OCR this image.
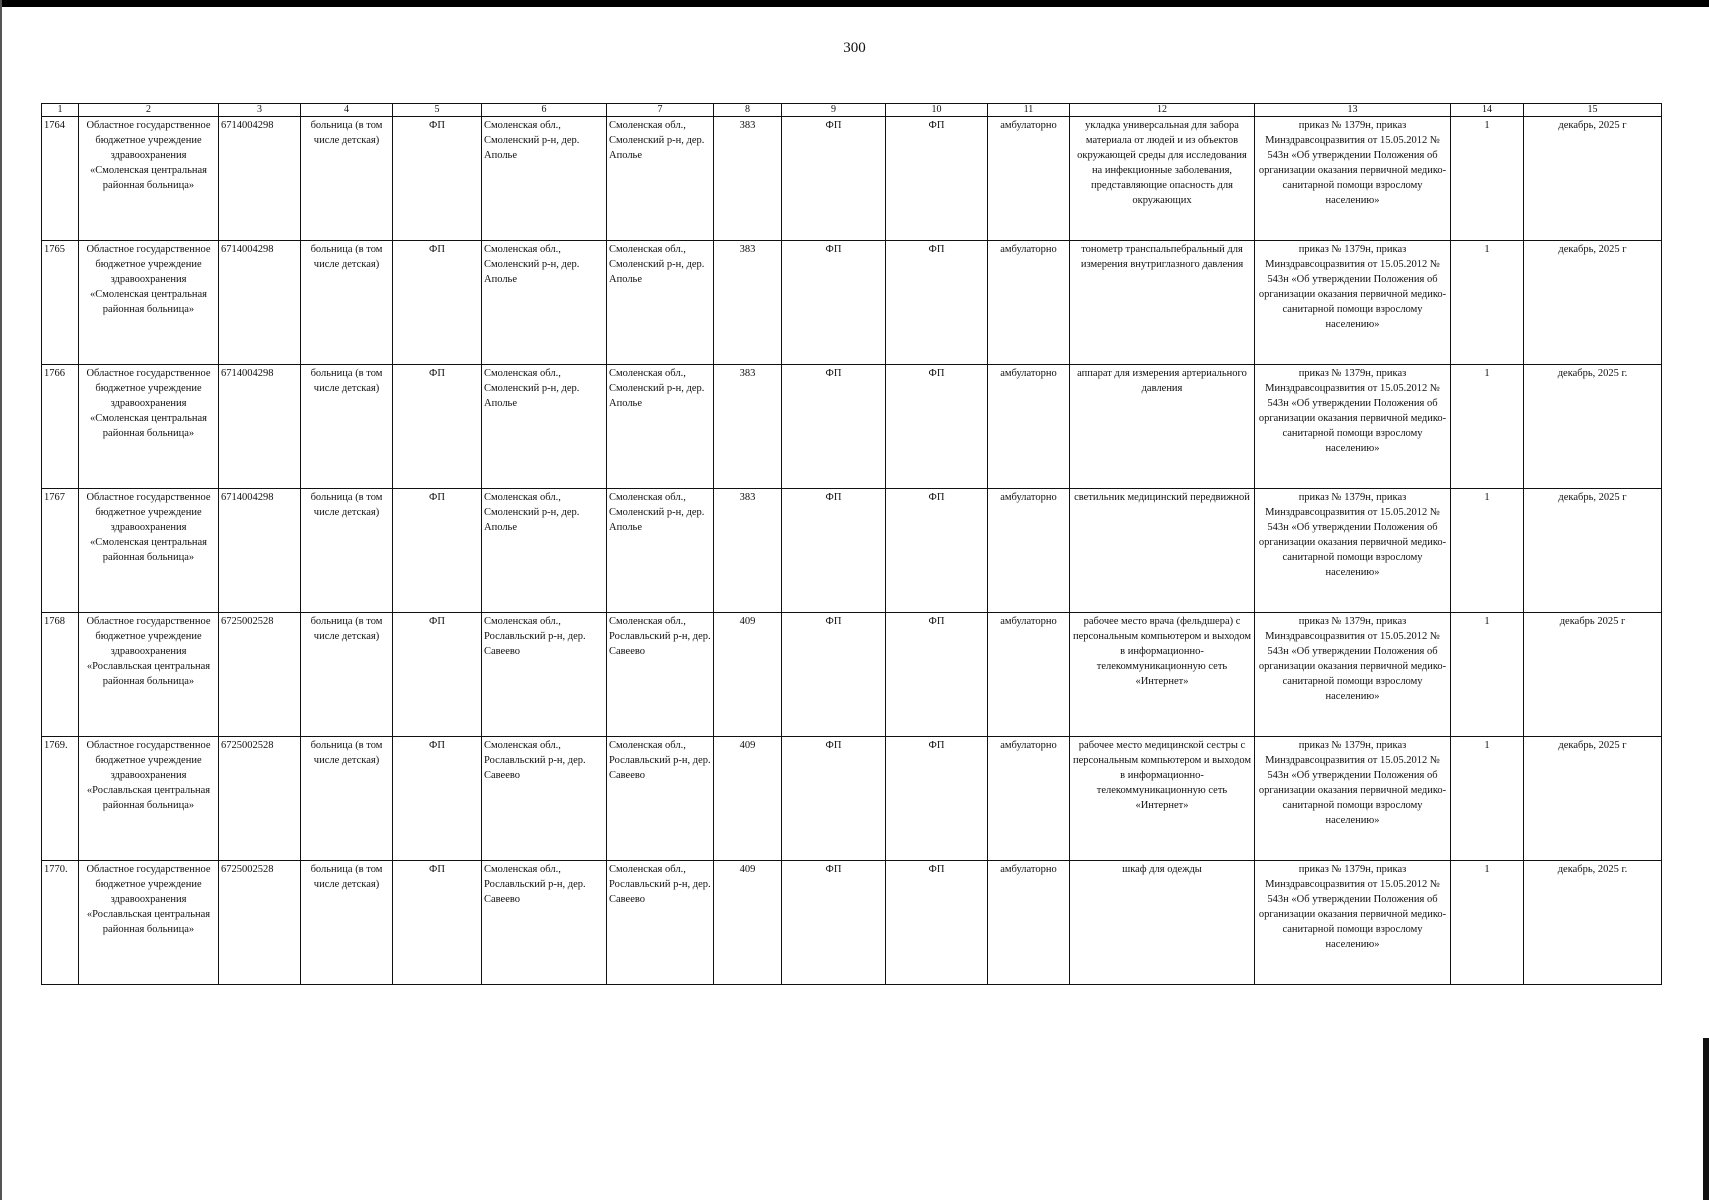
300
1	2	3	4	5	6	7	8	9	10	11	12	13	14	15
1764	Областное государственное бюджетное учреждение здравоохранения «Смоленская центральная районная больница»	6714004298	больница (в том числе детская)	ФП	Смоленская обл., Смоленский р-н, дер. Аполье	Смоленская обл., Смоленский р-н, дер. Аполье	383	ФП	ФП	амбулаторно	укладка универсальная для забора материала от людей и из объектов окружающей среды для исследования на инфекционные заболевания, представляющие опасность для окружающих	приказ № 1379н, приказ Минздравсоцразвития от 15.05.2012 № 543н «Об утверждении Положения об организации оказания первичной медико-санитарной помощи взрослому населению»	1	декабрь, 2025 г
1765	Областное государственное бюджетное учреждение здравоохранения «Смоленская центральная районная больница»	6714004298	больница (в том числе детская)	ФП	Смоленская обл., Смоленский р-н, дер. Аполье	Смоленская обл., Смоленский р-н, дер. Аполье	383	ФП	ФП	амбулаторно	тонометр транспальпебральный для измерения внутриглазного давления	приказ № 1379н, приказ Минздравсоцразвития от 15.05.2012 № 543н «Об утверждении Положения об организации оказания первичной медико-санитарной помощи взрослому населению»	1	декабрь, 2025 г
1766	Областное государственное бюджетное учреждение здравоохранения «Смоленская центральная районная больница»	6714004298	больница (в том числе детская)	ФП	Смоленская обл., Смоленский р-н, дер. Аполье	Смоленская обл., Смоленский р-н, дер. Аполье	383	ФП	ФП	амбулаторно	аппарат для измерения артериального давления	приказ № 1379н, приказ Минздравсоцразвития от 15.05.2012 № 543н «Об утверждении Положения об организации оказания первичной медико-санитарной помощи взрослому населению»	1	декабрь, 2025 г.
1767	Областное государственное бюджетное учреждение здравоохранения «Смоленская центральная районная больница»	6714004298	больница (в том числе детская)	ФП	Смоленская обл., Смоленский р-н, дер. Аполье	Смоленская обл., Смоленский р-н, дер. Аполье	383	ФП	ФП	амбулаторно	светильник медицинский передвижной	приказ № 1379н, приказ Минздравсоцразвития от 15.05.2012 № 543н «Об утверждении Положения об организации оказания первичной медико-санитарной помощи взрослому населению»	1	декабрь, 2025 г
1768	Областное государственное бюджетное учреждение здравоохранения «Рославльская центральная районная больница»	6725002528	больница (в том числе детская)	ФП	Смоленская обл., Рославльский р-н, дер. Савеево	Смоленская обл., Рославльский р-н, дер. Савеево	409	ФП	ФП	амбулаторно	рабочее место врача (фельдшера) с персональным компьютером и выходом в информационно-телекоммуникационную сеть «Интернет»	приказ № 1379н, приказ Минздравсоцразвития от 15.05.2012 № 543н «Об утверждении Положения об организации оказания первичной медико-санитарной помощи взрослому населению»	1	декабрь 2025 г
1769.	Областное государственное бюджетное учреждение здравоохранения «Рославльская центральная районная больница»	6725002528	больница (в том числе детская)	ФП	Смоленская обл., Рославльский р-н, дер. Савеево	Смоленская обл., Рославльский р-н, дер. Савеево	409	ФП	ФП	амбулаторно	рабочее место медицинской сестры с персональным компьютером и выходом в информационно-телекоммуникационную сеть «Интернет»	приказ № 1379н, приказ Минздравсоцразвития от 15.05.2012 № 543н «Об утверждении Положения об организации оказания первичной медико-санитарной помощи взрослому населению»	1	декабрь, 2025 г
1770.	Областное государственное бюджетное учреждение здравоохранения «Рославльская центральная районная больница»	6725002528	больница (в том числе детская)	ФП	Смоленская обл., Рославльский р-н, дер. Савеево	Смоленская обл., Рославльский р-н, дер. Савеево	409	ФП	ФП	амбулаторно	шкаф для одежды	приказ № 1379н, приказ Минздравсоцразвития от 15.05.2012 № 543н «Об утверждении Положения об организации оказания первичной медико-санитарной помощи взрослому населению»	1	декабрь, 2025 г.
